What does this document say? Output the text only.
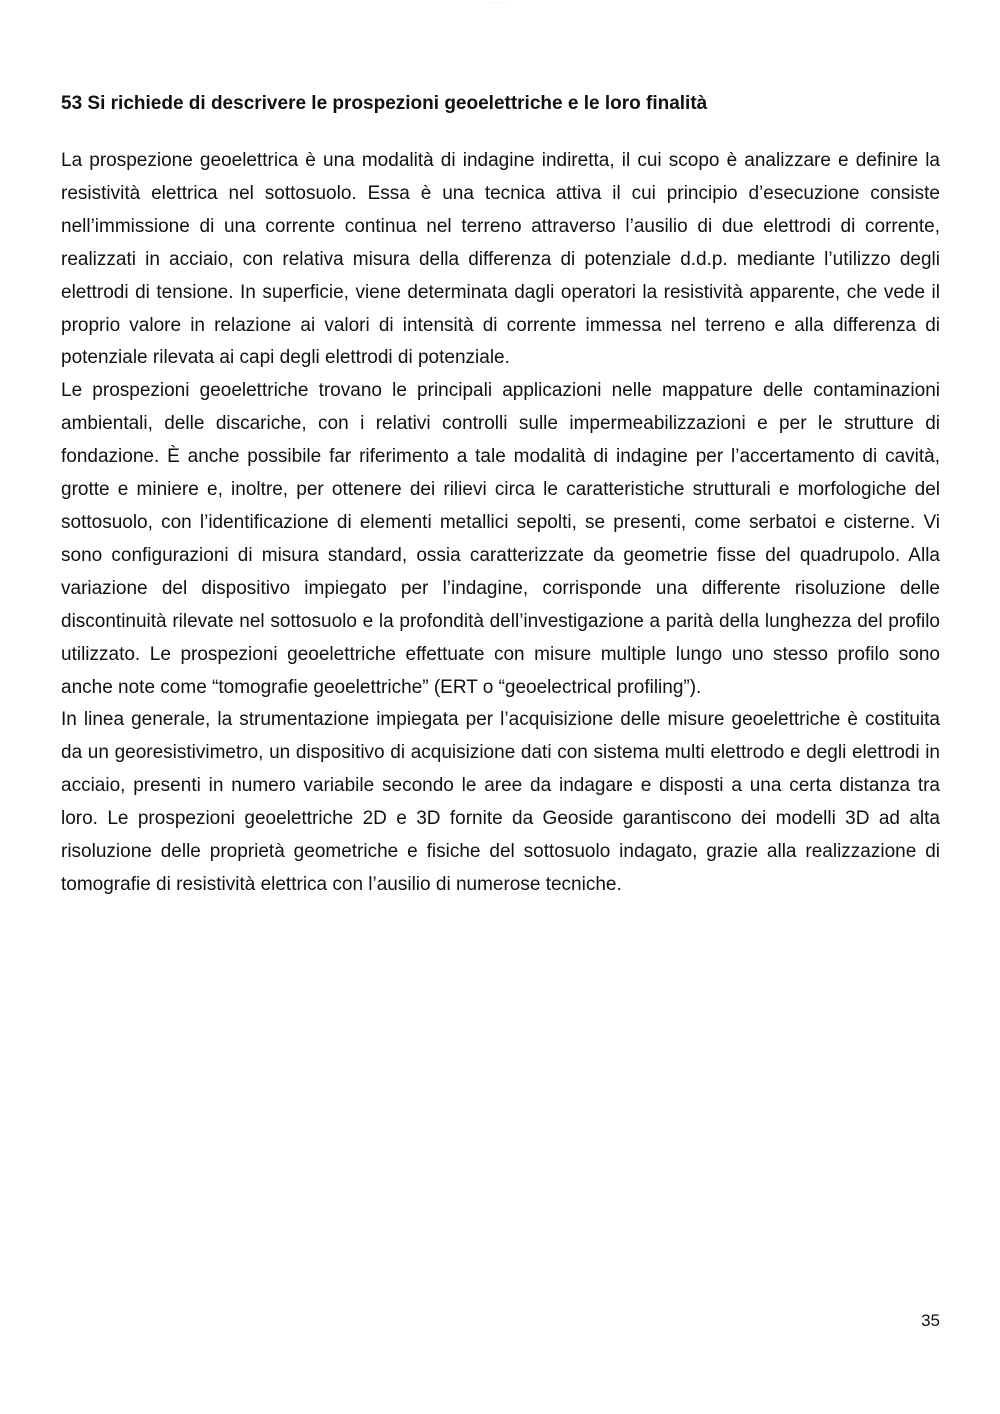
· · · · · · · · ·
53 Si richiede di descrivere le prospezioni geoelettriche e le loro finalità

La prospezione geoelettrica è una modalità di indagine indiretta, il cui scopo è analizzare e definire la resistività elettrica nel sottosuolo. Essa è una tecnica attiva il cui principio d’esecuzione consiste nell’immissione di una corrente continua nel terreno attraverso l’ausilio di due elettrodi di corrente, realizzati in acciaio, con relativa misura della differenza di potenziale d.d.p. mediante l’utilizzo degli elettrodi di tensione. In superficie, viene determinata dagli operatori la resistività apparente, che vede il proprio valore in relazione ai valori di intensità di corrente immessa nel terreno e alla differenza di potenziale rilevata ai capi degli elettrodi di potenziale.

Le prospezioni geoelettriche trovano le principali applicazioni nelle mappature delle contaminazioni ambientali, delle discariche, con i relativi controlli sulle impermeabilizzazioni e per le strutture di fondazione. È anche possibile far riferimento a tale modalità di indagine per l’accertamento di cavità, grotte e miniere e, inoltre, per ottenere dei rilievi circa le caratteristiche strutturali e morfologiche del sottosuolo, con l’identificazione di elementi metallici sepolti, se presenti, come serbatoi e cisterne. Vi sono configurazioni di misura standard, ossia caratterizzate da geometrie fisse del quadrupolo. Alla variazione del dispositivo impiegato per l’indagine, corrisponde una differente risoluzione delle discontinuità rilevate nel sottosuolo e la profondità dell’investigazione a parità della lunghezza del profilo utilizzato. Le prospezioni geoelettriche effettuate con misure multiple lungo uno stesso profilo sono anche note come “tomografie geoelettriche” (ERT o “geoelectrical profiling”).

In linea generale, la strumentazione impiegata per l’acquisizione delle misure geoelettriche è costituita da un georesistivimetro, un dispositivo di acquisizione dati con sistema multi elettrodo e degli elettrodi in acciaio, presenti in numero variabile secondo le aree da indagare e disposti a una certa distanza tra loro. Le prospezioni geoelettriche 2D e 3D fornite da Geoside garantiscono dei modelli 3D ad alta risoluzione delle proprietà geometriche e fisiche del sottosuolo indagato, grazie alla realizzazione di tomografie di resistività elettrica con l’ausilio di numerose tecniche.

35
